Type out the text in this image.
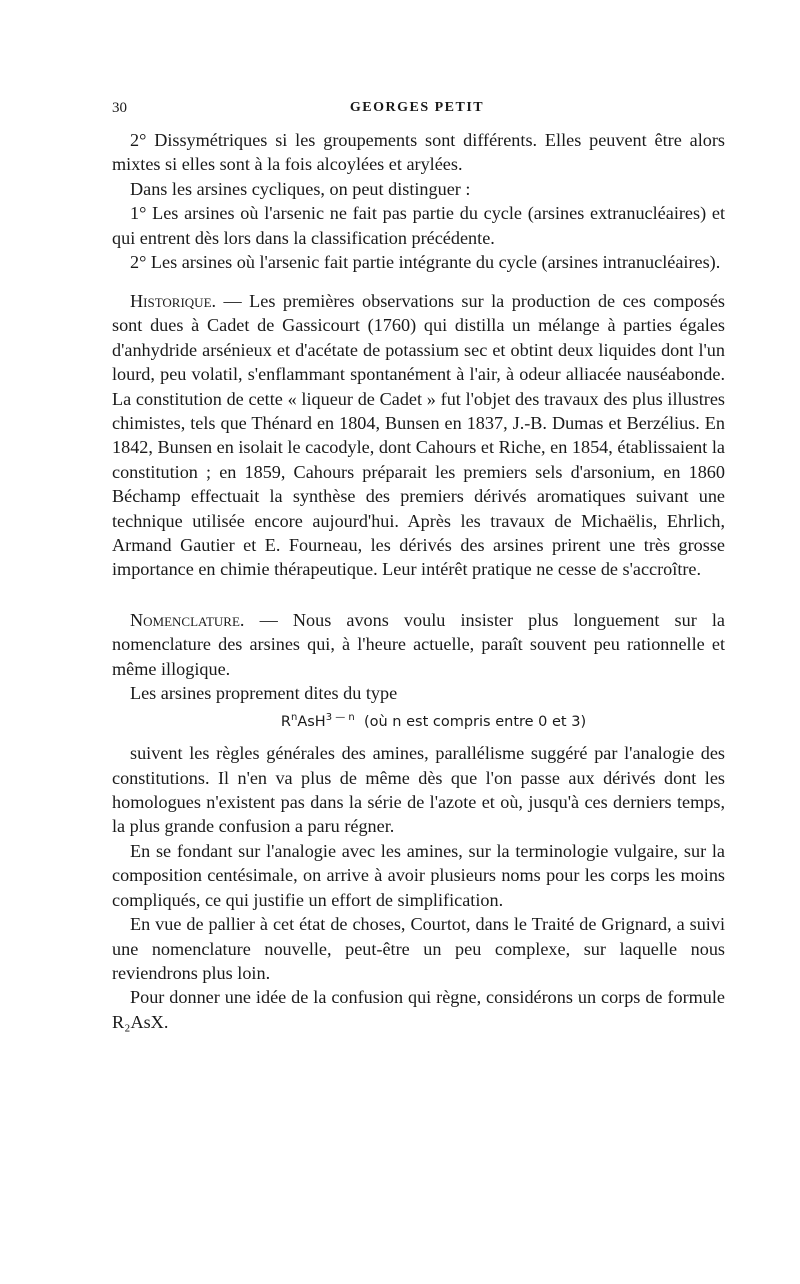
30	GEORGES PETIT

2° Dissymétriques si les groupements sont différents. Elles peuvent être alors mixtes si elles sont à la fois alcoylées et arylées.

Dans les arsines cycliques, on peut distinguer :

1° Les arsines où l'arsenic ne fait pas partie du cycle (arsines extranucléaires) et qui entrent dès lors dans la classification précédente.

2° Les arsines où l'arsenic fait partie intégrante du cycle (arsines intranucléaires).

Historique. — Les premières observations sur la production de ces composés sont dues à Cadet de Gassicourt (1760) qui distilla un mélange à parties égales d'anhydride arsénieux et d'acétate de potassium sec et obtint deux liquides dont l'un lourd, peu volatil, s'enflammant spontanément à l'air, à odeur alliacée nauséabonde. La constitution de cette « liqueur de Cadet » fut l'objet des travaux des plus illustres chimistes, tels que Thénard en 1804, Bunsen en 1837, J.-B. Dumas et Berzélius. En 1842, Bunsen en isolait le cacodyle, dont Cahours et Riche, en 1854, établissaient la constitution ; en 1859, Cahours préparait les premiers sels d'arsonium, en 1860 Béchamp effectuait la synthèse des premiers dérivés aromatiques suivant une technique utilisée encore aujourd'hui. Après les travaux de Michaëlis, Ehrlich, Armand Gautier et E. Fourneau, les dérivés des arsines prirent une très grosse importance en chimie thérapeutique. Leur intérêt pratique ne cesse de s'accroître.

Nomenclature. — Nous avons voulu insister plus longuement sur la nomenclature des arsines qui, à l'heure actuelle, paraît souvent peu rationnelle et même illogique.

Les arsines proprement dites du type

$R^nAsH^{3 — n}$ (où n est compris entre 0 et 3)

suivent les règles générales des amines, parallélisme suggéré par l'analogie des constitutions. Il n'en va plus de même dès que l'on passe aux dérivés dont les homologues n'existent pas dans la série de l'azote et où, jusqu'à ces derniers temps, la plus grande confusion a paru régner.

En se fondant sur l'analogie avec les amines, sur la terminologie vulgaire, sur la composition centésimale, on arrive à avoir plusieurs noms pour les corps les moins compliqués, ce qui justifie un effort de simplification.

En vue de pallier à cet état de choses, Courtot, dans le Traité de Grignard, a suivi une nomenclature nouvelle, peut-être un peu complexe, sur laquelle nous reviendrons plus loin.

Pour donner une idée de la confusion qui règne, considérons un corps de formule R₂AsX.
